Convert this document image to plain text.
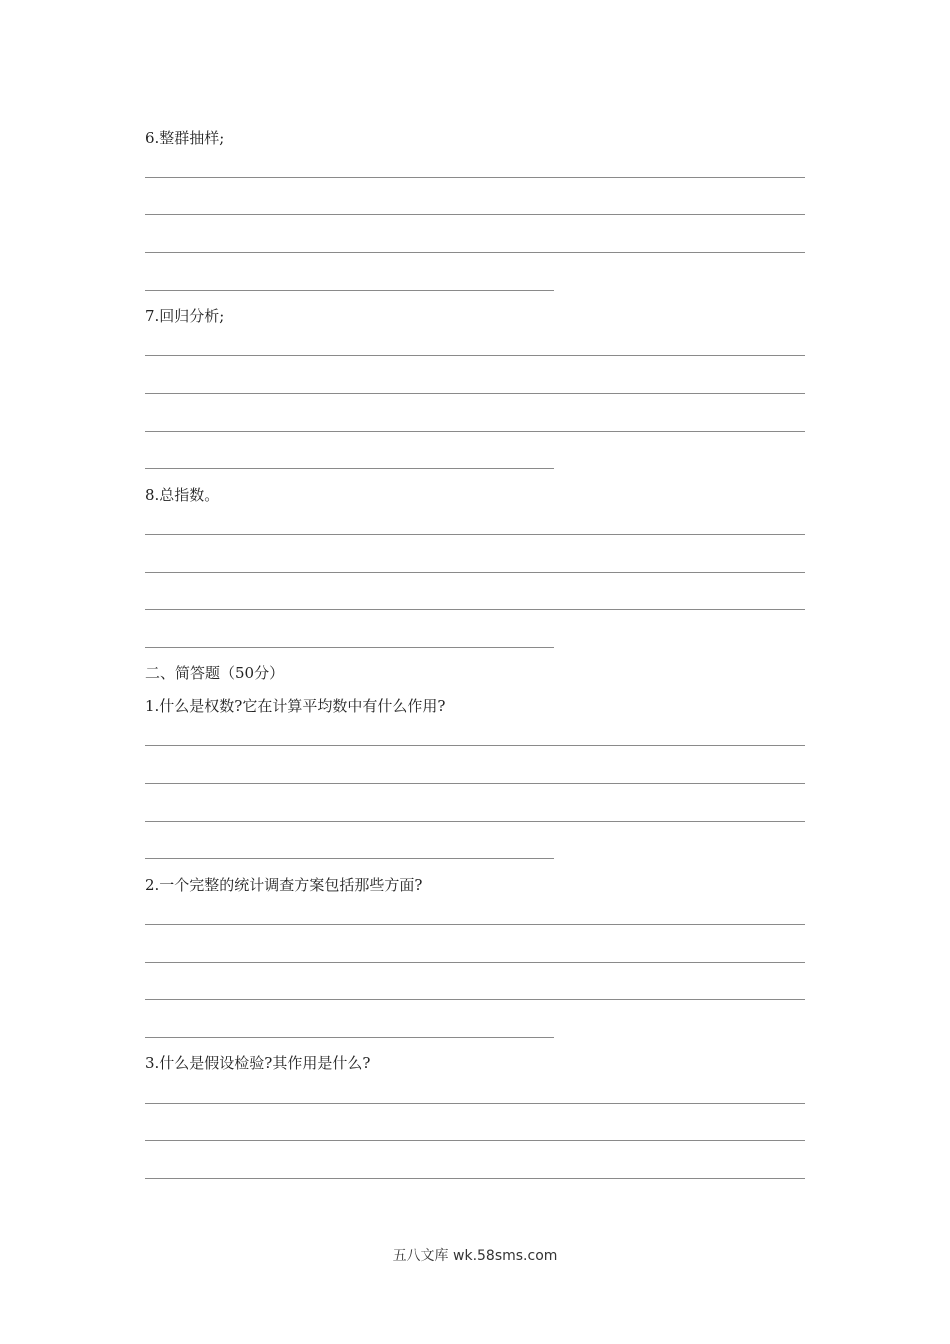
6.整群抽样;
7.回归分析;
8.总指数。
二、简答题（50分）
1.什么是权数?它在计算平均数中有什么作用?
2.一个完整的统计调查方案包括那些方面?
3.什么是假设检验?其作用是什么?
五八文库 wk.58sms.com
